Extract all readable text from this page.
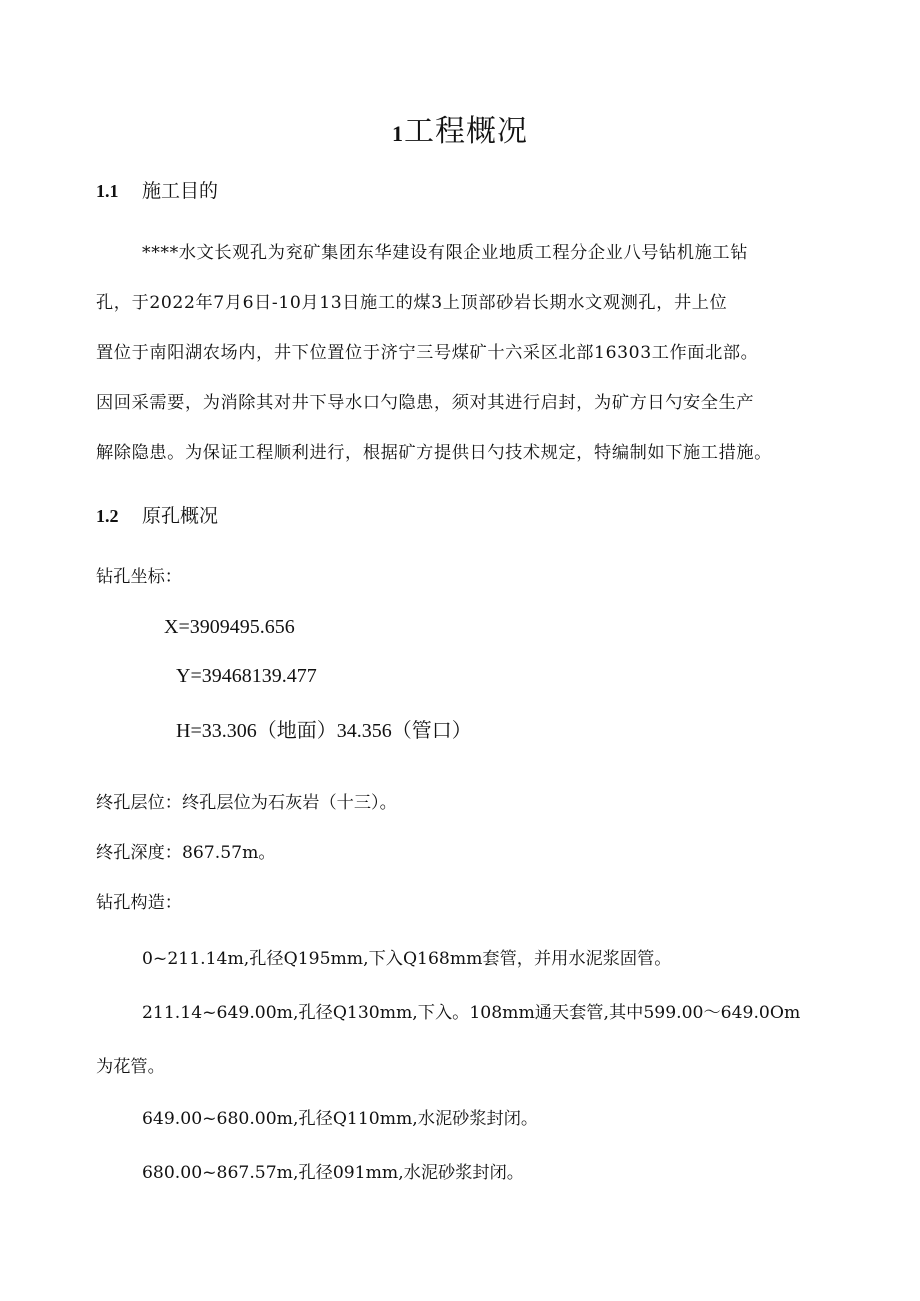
1工程概况
1.1 施工目的
****水文长观孔为兖矿集团东华建设有限企业地质工程分企业八号钻机施工钻
孔，于2022年7月6日-10月13日施工的煤3上顶部砂岩长期水文观测孔，井上位
置位于南阳湖农场内，井下位置位于济宁三号煤矿十六采区北部16303工作面北部。
因回采需要，为消除其对井下导水口勺隐患，须对其进行启封，为矿方日勺安全生产
解除隐患。为保证工程顺利进行，根据矿方提供日勺技术规定，特编制如下施工措施。
1.2 原孔概况
钻孔坐标：
X=3909495.656
Y=39468139.477
H=33.306（地面）34.356（管口）
终孔层位：终孔层位为石灰岩（十三）。
终孔深度：867.57m。
钻孔构造：
0~211.14m,孔径Q195mm,下入Q168mm套管，并用水泥浆固管。
211.14~649.00m,孔径Q130mm,下入。108mm通天套管,其中599.00～649.0Om
为花管。
649.00~680.00m,孔径Q110mm,水泥砂浆封闭。
680.00~867.57m,孔径091mm,水泥砂浆封闭。
